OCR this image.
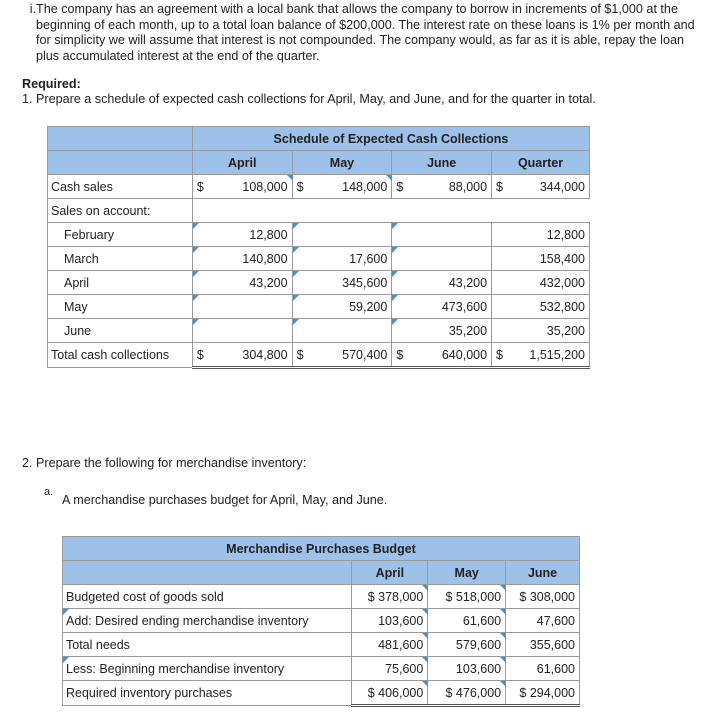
i. The company has an agreement with a local bank that allows the company to borrow in increments of $1,000 at the beginning of each month, up to a total loan balance of $200,000. The interest rate on these loans is 1% per month and for simplicity we will assume that interest is not compounded. The company would, as far as it is able, repay the loan plus accumulated interest at the end of the quarter.
Required:
1. Prepare a schedule of expected cash collections for April, May, and June, and for the quarter in total.
	Schedule of Expected Cash Collections							
	April		May		June		Quarter	
Cash sales	$	108,000	$	148,000	$	88,000	$	344,000
Sales on account:								
February	12,800						12,800	
March	140,800		17,600				158,400	
April	43,200		345,600		43,200		432,000	
May			59,200		473,600		532,800	
June					35,200		35,200	
Total cash collections	$	304,800	$	570,400	$	640,000	$	1,515,200
2. Prepare the following for merchandise inventory:
a.
A merchandise purchases budget for April, May, and June.
Merchandise Purchases Budget			
	April	May	June
Budgeted cost of goods sold	$ 378,000	$ 518,000	$ 308,000
Add: Desired ending merchandise inventory	103,600	61,600	47,600
Total needs	481,600	579,600	355,600
Less: Beginning merchandise inventory	75,600	103,600	61,600
Required inventory purchases	$ 406,000	$ 476,000	$ 294,000
